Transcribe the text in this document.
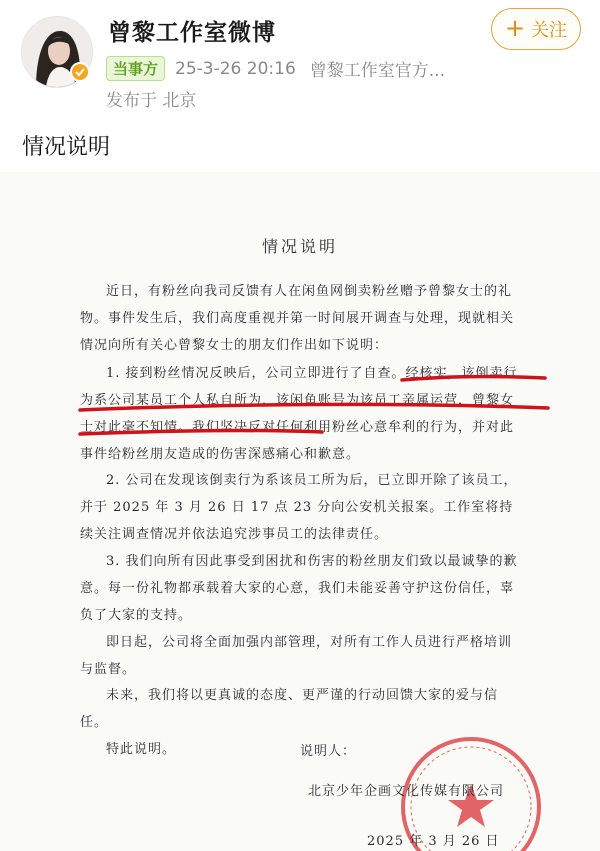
曾黎工作室微博
当事方	25-3-26 20:16 曾黎工作室官方...
发布于 北京
+ 关注
情况说明
情况说明

近日，有粉丝向我司反馈有人在闲鱼网倒卖粉丝赠予曾黎女士的礼物。事件发生后，我们高度重视并第一时间展开调查与处理，现就相关情况向所有关心曾黎女士的朋友们作出如下说明：

1. 接到粉丝情况反映后，公司立即进行了自查。经核实，该倒卖行为系公司某员工个人私自所为，该闲鱼账号为该员工亲属运营，曾黎女士对此毫不知情。我们坚决反对任何利用粉丝心意牟利的行为，并对此事件给粉丝朋友造成的伤害深感痛心和歉意。

2. 公司在发现该倒卖行为系该员工所为后，已立即开除了该员工，并于 2025 年 3 月 26 日 17 点 23 分向公安机关报案。工作室将持续关注调查情况并依法追究涉事员工的法律责任。

3. 我们向所有因此事受到困扰和伤害的粉丝朋友们致以最诚挚的歉意。每一份礼物都承载着大家的心意，我们未能妥善守护这份信任，辜负了大家的支持。

即日起，公司将全面加强内部管理，对所有工作人员进行严格培训与监督。

未来，我们将以更真诚的态度、更严谨的行动回馈大家的爱与信任。

特此说明。	说明人：
北京少年企画文化传媒有限公司
2025 年 3 月 26 日
